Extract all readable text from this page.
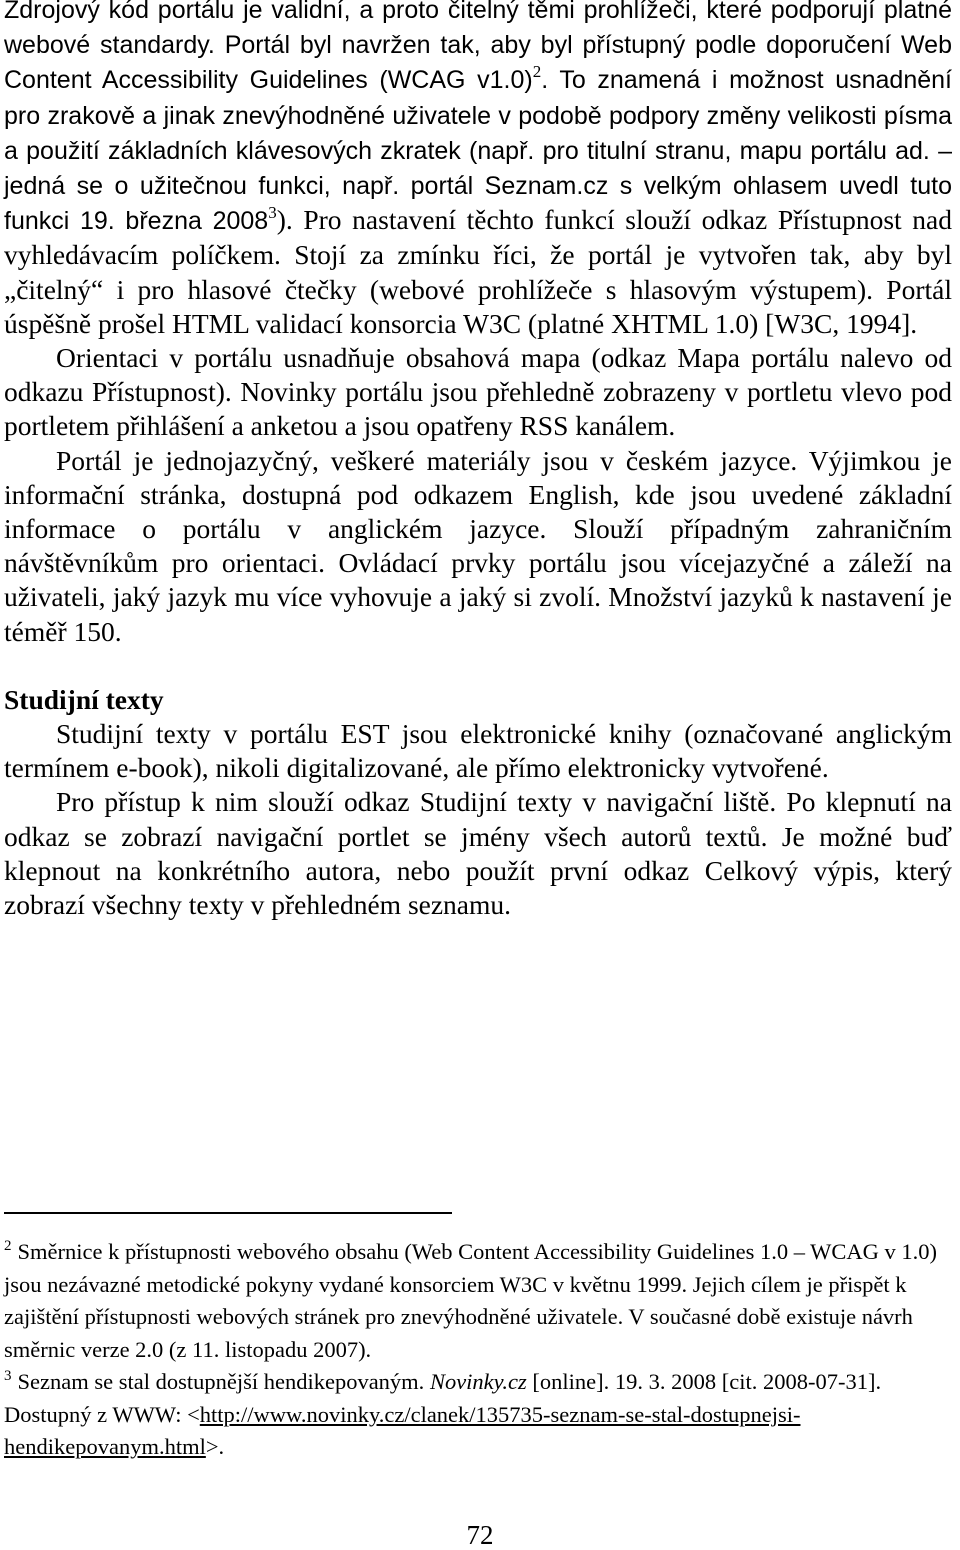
Zdrojový kód portálu je validní, a proto čitelný těmi prohlížeči, které podporují platné webové standardy. Portál byl navržen tak, aby byl přístupný podle doporučení Web Content Accessibility Guidelines (WCAG v1.0)$^2$. To znamená i možnost usnadnění pro zrakově a jinak znevýhodněné uživatele v podobě podpory změny velikosti písma a použití základních klávesových zkratek (např. pro titulní stranu, mapu portálu ad. – jedná se o užitečnou funkci, např. portál Seznam.cz s velkým ohlasem uvedl tuto funkci 19. března 2008$^3$). Pro nastavení těchto funkcí slouží odkaz Přístupnost nad vyhledávacím políčkem. Stojí za zmínku říci, že portál je vytvořen tak, aby byl „čitelný“ i pro hlasové čtečky (webové prohlížeče s hlasovým výstupem). Portál úspěšně prošel HTML validací konsorcia W3C (platné XHTML 1.0) [W3C, 1994].

Orientaci v portálu usnadňuje obsahová mapa (odkaz Mapa portálu nalevo od odkazu Přístupnost). Novinky portálu jsou přehledně zobrazeny v portletu vlevo pod portletem přihlášení a anketou a jsou opatřeny RSS kanálem.

Portál je jednojazyčný, veškeré materiály jsou v českém jazyce. Výjimkou je informační stránka, dostupná pod odkazem English, kde jsou uvedené základní informace o portálu v anglickém jazyce. Slouží případným zahraničním návštěvníkům pro orientaci. Ovládací prvky portálu jsou vícejazyčné a záleží na uživateli, jaký jazyk mu více vyhovuje a jaký si zvolí. Množství jazyků k nastavení je téměř 150.

Studijní texty

Studijní texty v portálu EST jsou elektronické knihy (označované anglickým termínem e-book), nikoli digitalizované, ale přímo elektronicky vytvořené.

Pro přístup k nim slouží odkaz Studijní texty v navigační liště. Po klepnutí na odkaz se zobrazí navigační portlet se jmény všech autorů textů. Je možné buď klepnout na konkrétního autora, nebo použít první odkaz Celkový výpis, který zobrazí všechny texty v přehledném seznamu.

$^2$ Směrnice k přístupnosti webového obsahu (Web Content Accessibility Guidelines 1.0 – WCAG v 1.0) jsou nezávazné metodické pokyny vydané konsorciem W3C v květnu 1999. Jejich cílem je přispět k zajištění přístupnosti webových stránek pro znevýhodněné uživatele. V současné době existuje návrh směrnic verze 2.0 (z 11. listopadu 2007).

$^3$ Seznam se stal dostupnější hendikepovaným. Novinky.cz [online]. 19. 3. 2008 [cit. 2008-07-31]. Dostupný z WWW: <http://www.novinky.cz/clanek/135735-seznam-se-stal-dostupnejsi-hendikepovanym.html>.

72
